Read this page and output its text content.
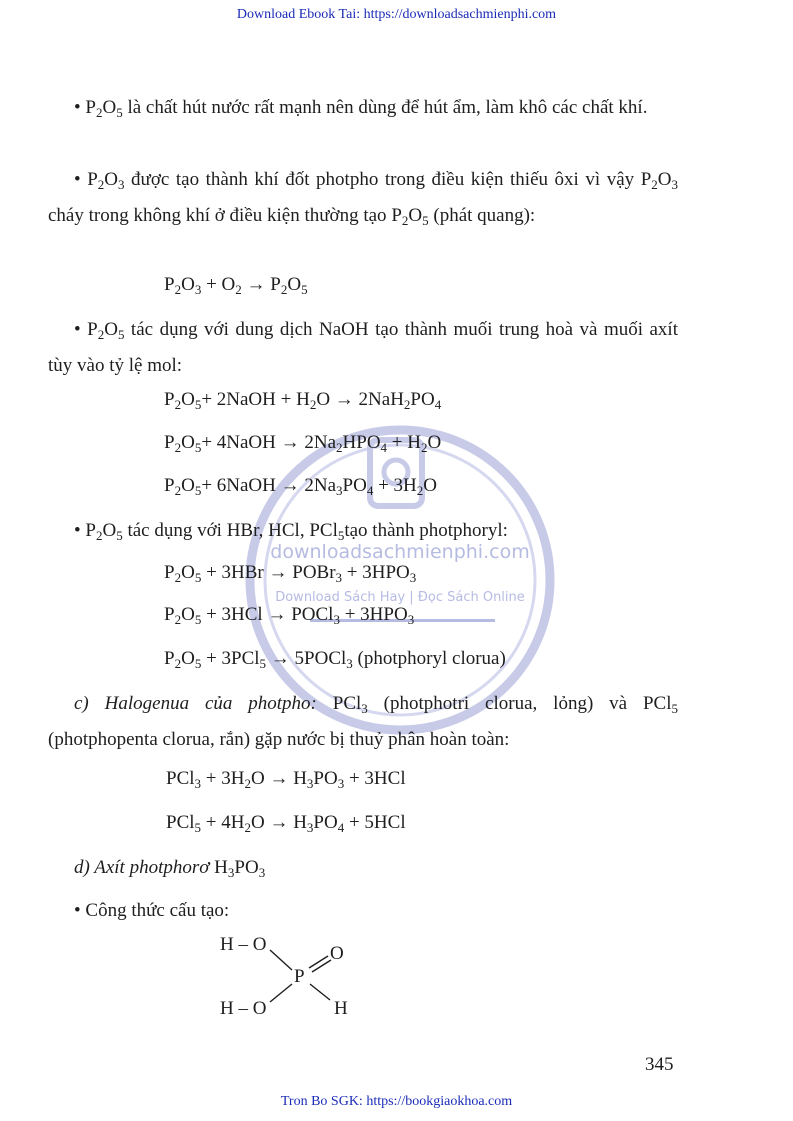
Download Ebook Tai: https://downloadsachmienphi.com
downloadsachmienphi.com
Download Sách Hay | Đọc Sách Online
• $P_2O_5$ là chất hút nước rất mạnh nên dùng để hút ẩm, làm khô các chất khí.
• $P_2O_3$ được tạo thành khí đốt photpho trong điều kiện thiếu ôxi vì vậy $P_2O_3$ cháy trong không khí ở điều kiện thường tạo $P_2O_5$ (phát quang):
$P_2O_3 + O_2 \to P_2O_5$
• $P_2O_5$ tác dụng với dung dịch NaOH tạo thành muối trung hoà và muối axít tùy vào tỷ lệ mol:
$P_2O_5+$ 2NaOH + $H_2O \to 2NaH_2PO_4$
$P_2O_5+$ 4NaOH → $2Na_2HPO_4 + H_2O$
$P_2O_5+$ 6NaOH → $2Na_3PO_4 + 3H_2O$
• $P_2O_5$ tác dụng với HBr, HCl, PCl$_5$tạo thành photphoryl:
$P_2O_5 + 3HBr$ → POBr$_3$ + $3HPO_3$
$P_2O_5 + 3HCl$ → POCl$_3$ + $3HPO_3$
$P_2O_5 + 3PCl_5$ → 5POCl$_3$ (photphoryl clorua)
c) Halogenua của photpho: PCl$_3$ (photphotri clorua, lỏng) và PCl$_5$ (photphopenta clorua, rắn) gặp nước bị thuỷ phân hoàn toàn:
$PCl_3 + 3H_2O \to H_3PO_3 + 3HCl$
$PCl_5 + 4H_2O \to H_3PO_4 + 5HCl$
d) Axít photphorơ $H_3PO_3$
• Công thức cấu tạo:
H – O
H – O
P
O
H
345
Tron Bo SGK: https://bookgiaokhoa.com
